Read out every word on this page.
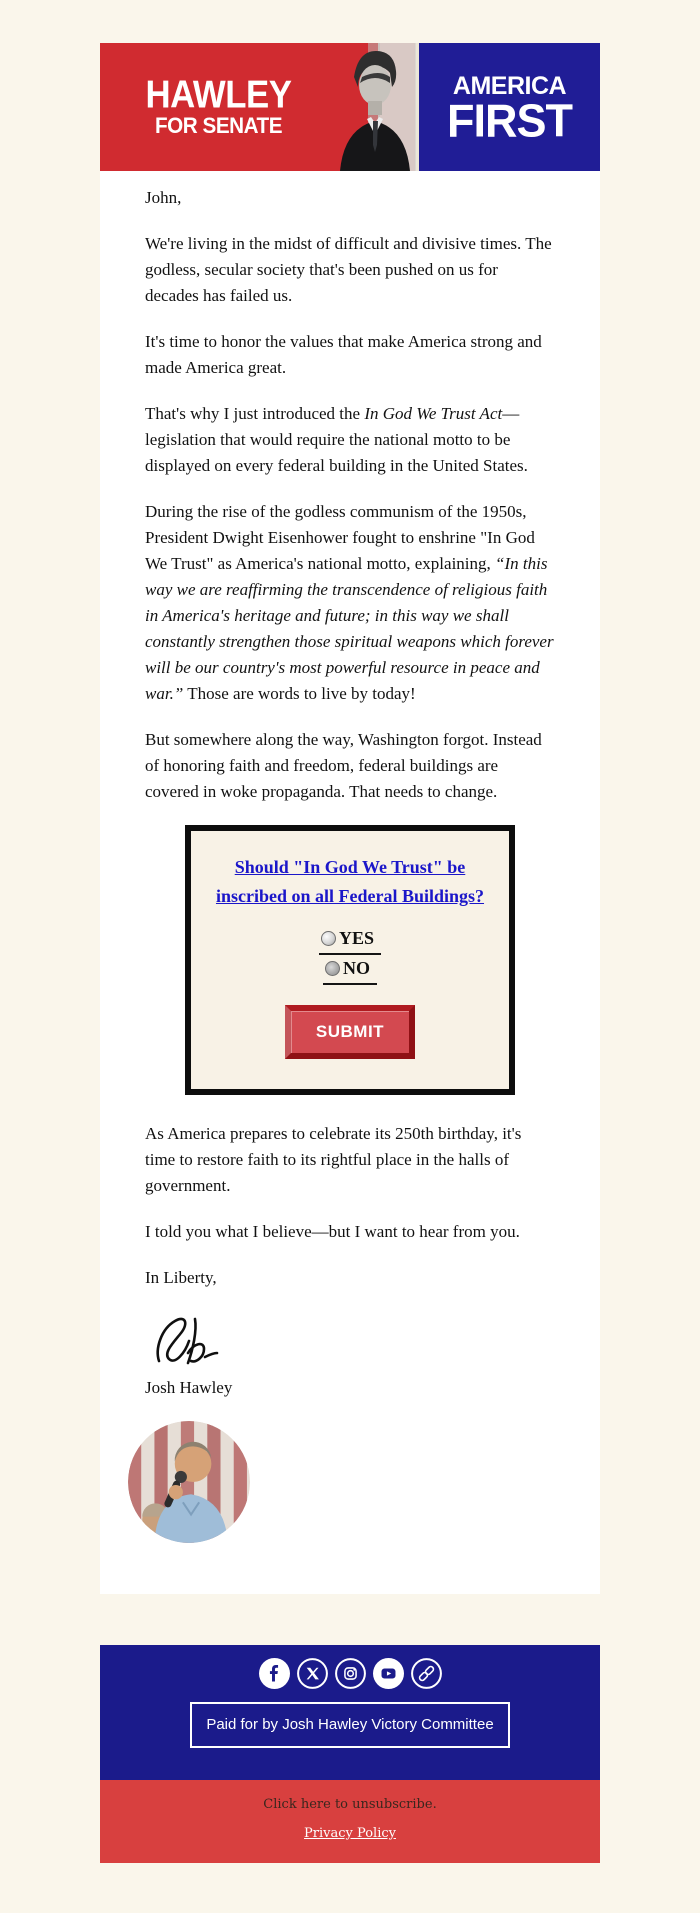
HAWLEY
FOR SENATE
AMERICA
FIRST

John,

We're living in the midst of difficult and divisive times. The godless, secular society that's been pushed on us for decades has failed us.

It's time to honor the values that make America strong and made America great.

That's why I just introduced the In God We Trust Act—legislation that would require the national motto to be displayed on every federal building in the United States.

During the rise of the godless communism of the 1950s, President Dwight Eisenhower fought to enshrine "In God We Trust" as America's national motto, explaining, “In this way we are reaffirming the transcendence of religious faith in America's heritage and future; in this way we shall constantly strengthen those spiritual weapons which forever will be our country's most powerful resource in peace and war.” Those are words to live by today!

But somewhere along the way, Washington forgot. Instead of honoring faith and freedom, federal buildings are covered in woke propaganda. That needs to change.

Should "In God We Trust" be inscribed on all Federal Buildings?
YES
NO
SUBMIT

As America prepares to celebrate its 250th birthday, it's time to restore faith to its rightful place in the halls of government.

I told you what I believe—but I want to hear from you.

In Liberty,

Josh Hawley

Paid for by Josh Hawley Victory Committee
Click here to unsubscribe.
Privacy Policy
